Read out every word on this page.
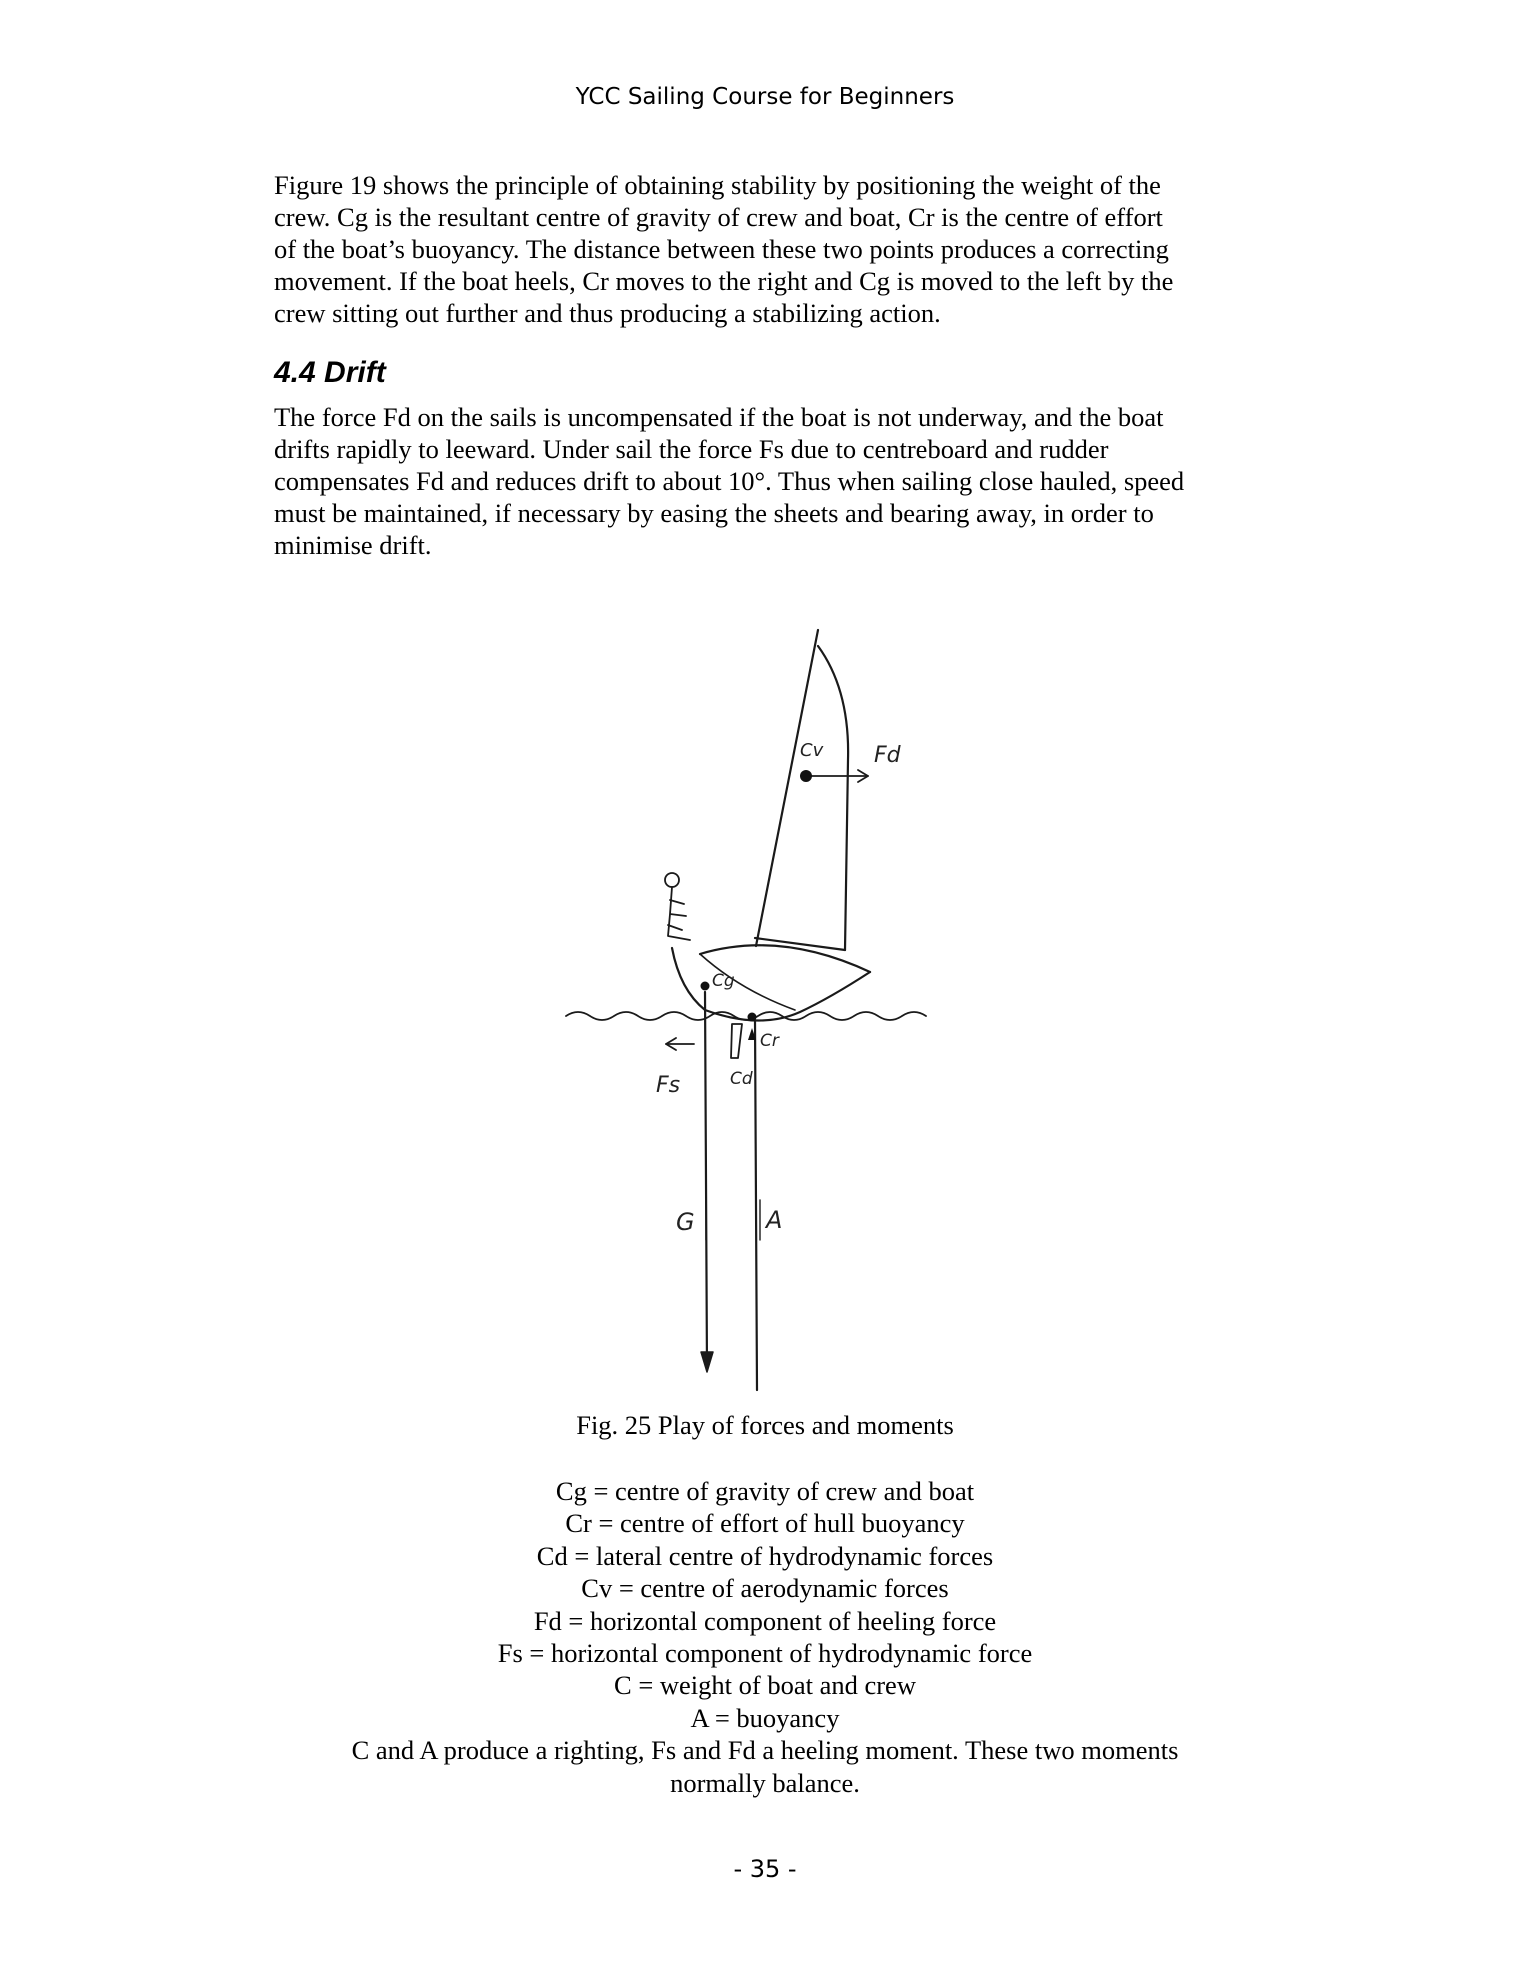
YCC Sailing Course for Beginners

Figure 19 shows the principle of obtaining stability by positioning the weight of the
crew. Cg is the resultant centre of gravity of crew and boat, Cr is the centre of effort
of the boat’s buoyancy. The distance between these two points produces a correcting
movement. If the boat heels, Cr moves to the right and Cg is moved to the left by the
crew sitting out further and thus producing a stabilizing action.

4.4 Drift

The force Fd on the sails is uncompensated if the boat is not underway, and the boat
drifts rapidly to leeward. Under sail the force Fs due to centreboard and rudder
compensates Fd and reduces drift to about 10°. Thus when sailing close hauled, speed
must be maintained, if necessary by easing the sheets and bearing away, in order to
minimise drift.

Cv Fd
Cg
Cr
Fs	Cd
G	A
Fig. 25 Play of forces and moments
Cg = centre of gravity of crew and boat
Cr = centre of effort of hull buoyancy
Cd = lateral centre of hydrodynamic forces
Cv = centre of aerodynamic forces
Fd = horizontal component of heeling force
Fs = horizontal component of hydrodynamic force
C = weight of boat and crew
A = buoyancy
C and A produce a righting, Fs and Fd a heeling moment. These two moments
normally balance.
- 35 -
